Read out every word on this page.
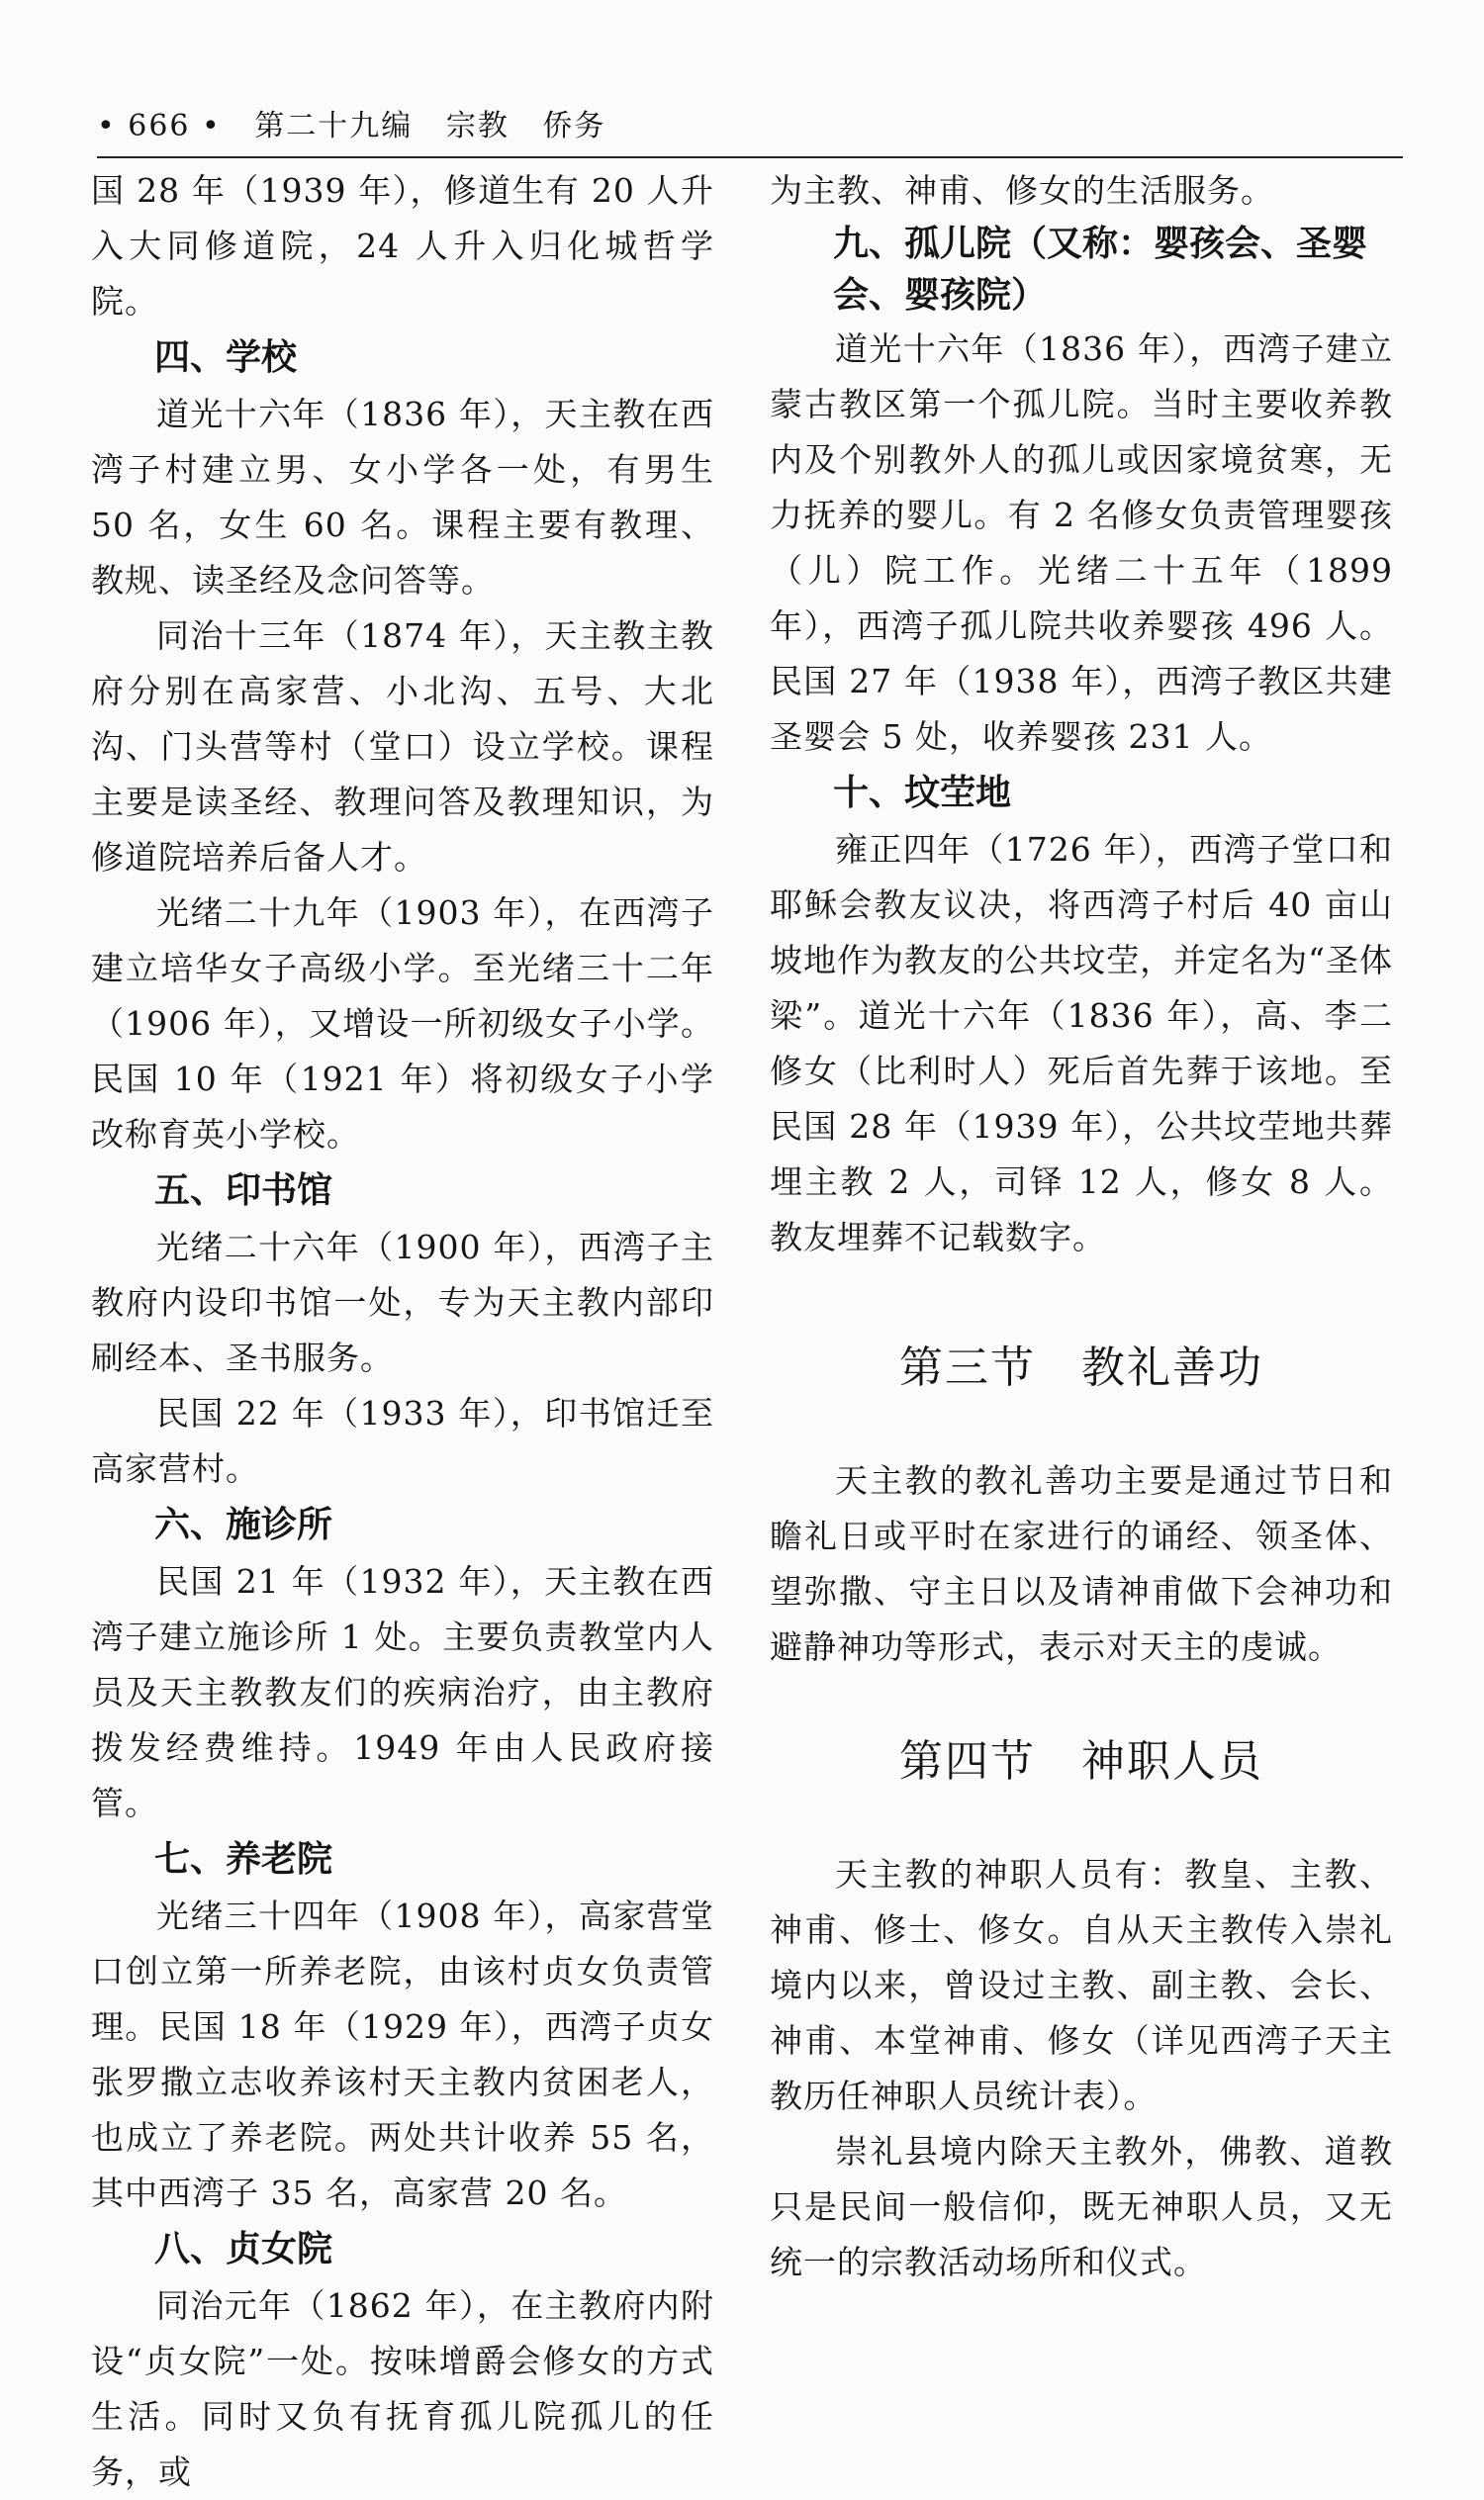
• 666 • 第二十九编 宗教 侨务

国 28 年（1939 年），修道生有 20 人升入大同修道院，24 人升入归化城哲学院。

四、学校

道光十六年（1836 年），天主教在西湾子村建立男、女小学各一处，有男生 50 名，女生 60 名。课程主要有教理、教规、读圣经及念问答等。

同治十三年（1874 年），天主教主教府分别在高家营、小北沟、五号、大北沟、门头营等村（堂口）设立学校。课程主要是读圣经、教理问答及教理知识，为修道院培养后备人才。

光绪二十九年（1903 年），在西湾子建立培华女子高级小学。至光绪三十二年（1906 年），又增设一所初级女子小学。民国 10 年（1921 年）将初级女子小学改称育英小学校。

五、印书馆

光绪二十六年（1900 年），西湾子主教府内设印书馆一处，专为天主教内部印刷经本、圣书服务。

民国 22 年（1933 年），印书馆迁至高家营村。

六、施诊所

民国 21 年（1932 年），天主教在西湾子建立施诊所 1 处。主要负责教堂内人员及天主教教友们的疾病治疗，由主教府拨发经费维持。1949 年由人民政府接管。

七、养老院

光绪三十四年（1908 年），高家营堂口创立第一所养老院，由该村贞女负责管理。民国 18 年（1929 年），西湾子贞女张罗撒立志收养该村天主教内贫困老人，也成立了养老院。两处共计收养 55 名，其中西湾子 35 名，高家营 20 名。

八、贞女院

同治元年（1862 年），在主教府内附设“贞女院”一处。按味增爵会修女的方式生活。同时又负有抚育孤儿院孤儿的任务，或

为主教、神甫、修女的生活服务。

九、孤儿院（又称：婴孩会、圣婴会、婴孩院）

道光十六年（1836 年），西湾子建立蒙古教区第一个孤儿院。当时主要收养教内及个别教外人的孤儿或因家境贫寒，无力抚养的婴儿。有 2 名修女负责管理婴孩（儿）院工作。光绪二十五年（1899 年），西湾子孤儿院共收养婴孩 496 人。民国 27 年（1938 年），西湾子教区共建圣婴会 5 处，收养婴孩 231 人。

十、坟茔地

雍正四年（1726 年），西湾子堂口和耶稣会教友议决，将西湾子村后 40 亩山坡地作为教友的公共坟茔，并定名为“圣体梁”。道光十六年（1836 年），高、李二修女（比利时人）死后首先葬于该地。至民国 28 年（1939 年），公共坟茔地共葬埋主教 2 人，司铎 12 人，修女 8 人。教友埋葬不记载数字。

第三节　教礼善功

天主教的教礼善功主要是通过节日和瞻礼日或平时在家进行的诵经、领圣体、望弥撒、守主日以及请神甫做下会神功和避静神功等形式，表示对天主的虔诚。

第四节　神职人员

天主教的神职人员有：教皇、主教、神甫、修士、修女。自从天主教传入崇礼境内以来，曾设过主教、副主教、会长、神甫、本堂神甫、修女（详见西湾子天主教历任神职人员统计表）。

崇礼县境内除天主教外，佛教、道教只是民间一般信仰，既无神职人员，又无统一的宗教活动场所和仪式。
